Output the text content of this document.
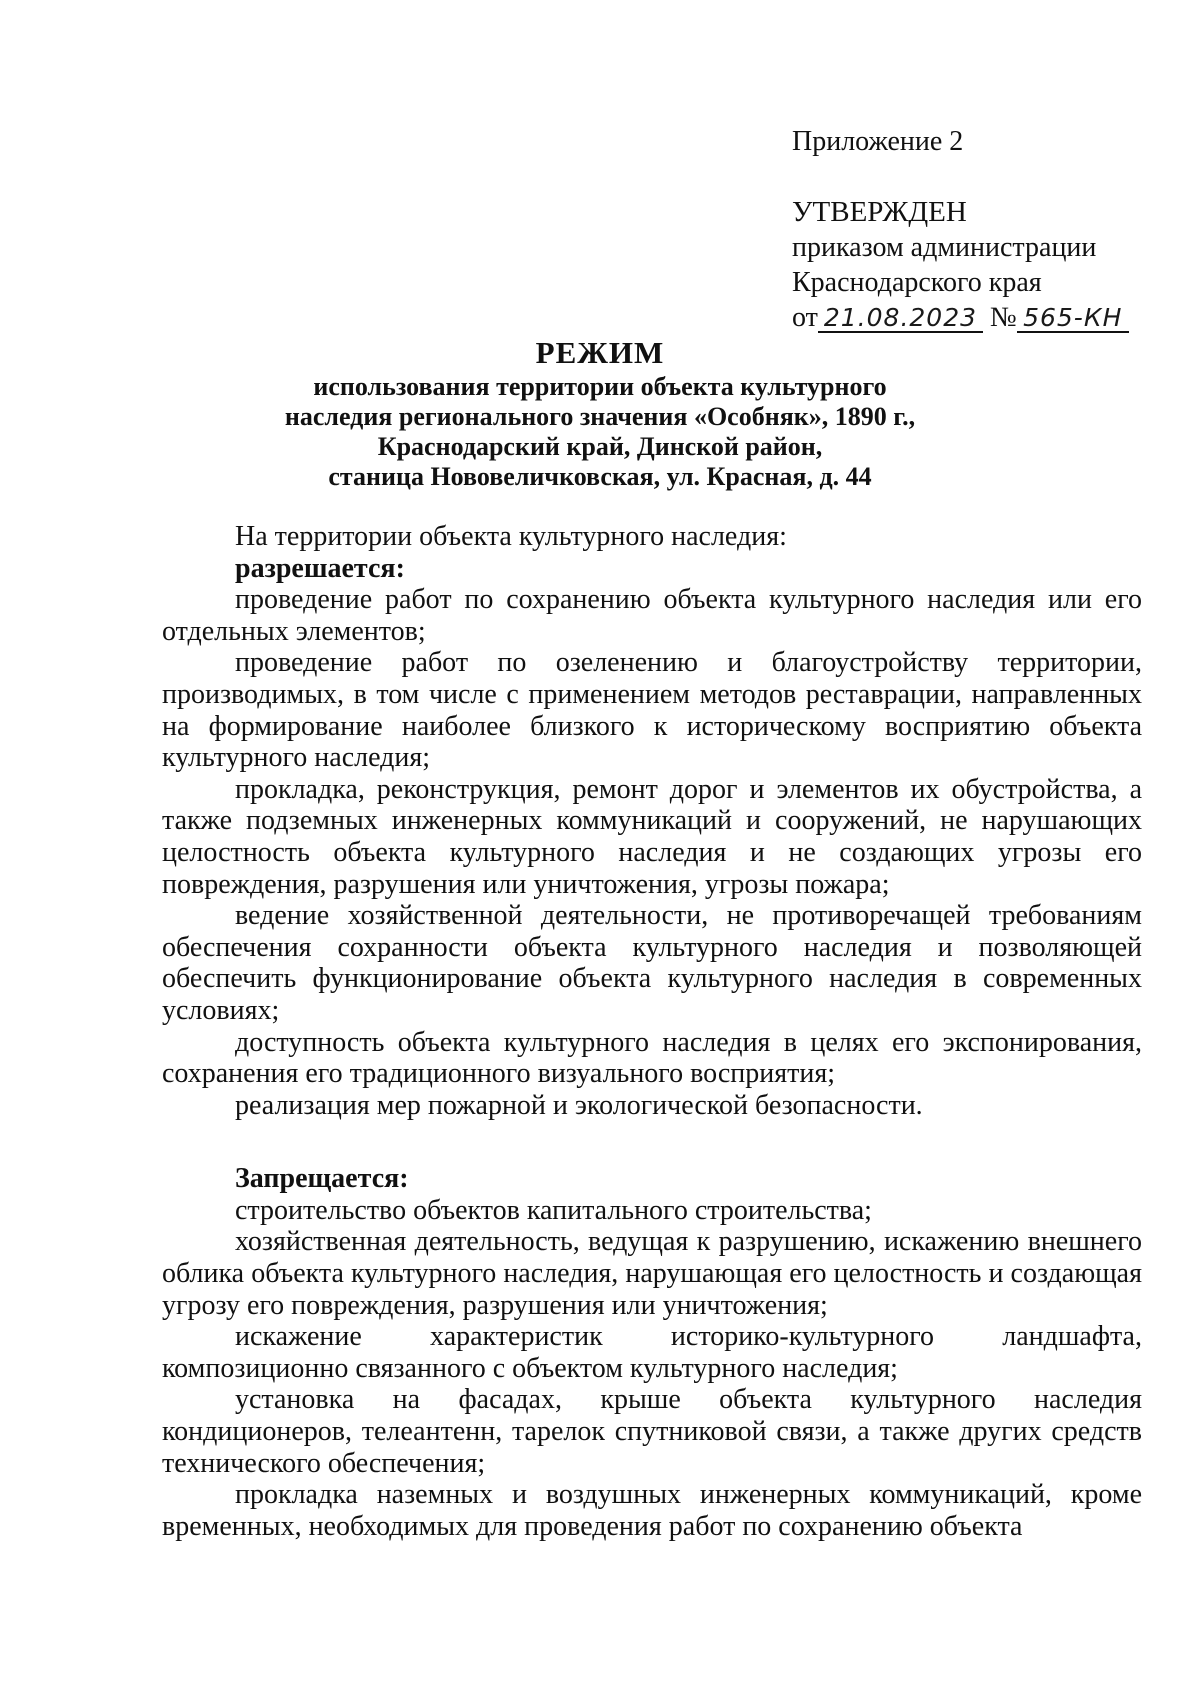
Приложение 2
УТВЕРЖДЕН
приказом администрации
Краснодарского края
от 21.08.2023 № 565-КН
РЕЖИМ
использования территории объекта культурного
наследия регионального значения «Особняк», 1890 г.,
Краснодарский край, Динской район,
станица Нововеличковская, ул. Красная, д. 44

На территории объекта культурного наследия:

разрешается:

проведение работ по сохранению объекта культурного наследия или его отдельных элементов;

проведение работ по озеленению и благоустройству территории, производимых, в том числе с применением методов реставрации, направленных на формирование наиболее близкого к историческому восприятию объекта культурного наследия;

прокладка, реконструкция, ремонт дорог и элементов их обустройства, а также подземных инженерных коммуникаций и сооружений, не нарушающих целостность объекта культурного наследия и не создающих угрозы его повреждения, разрушения или уничтожения, угрозы пожара;

ведение хозяйственной деятельности, не противоречащей требованиям обеспечения сохранности объекта культурного наследия и позволяющей обеспечить функционирование объекта культурного наследия в современных условиях;

доступность объекта культурного наследия в целях его экспонирования, сохранения его традиционного визуального восприятия;

реализация мер пожарной и экологической безопасности.

Запрещается:

строительство объектов капитального строительства;

хозяйственная деятельность, ведущая к разрушению, искажению внешнего облика объекта культурного наследия, нарушающая его целостность и создающая угрозу его повреждения, разрушения или уничтожения;

искажение характеристик историко-культурного ландшафта, композиционно связанного с объектом культурного наследия;

установка на фасадах, крыше объекта культурного наследия кондиционеров, телеантенн, тарелок спутниковой связи, а также других средств технического обеспечения;

прокладка наземных и воздушных инженерных коммуникаций, кроме временных, необходимых для проведения работ по сохранению объекта
